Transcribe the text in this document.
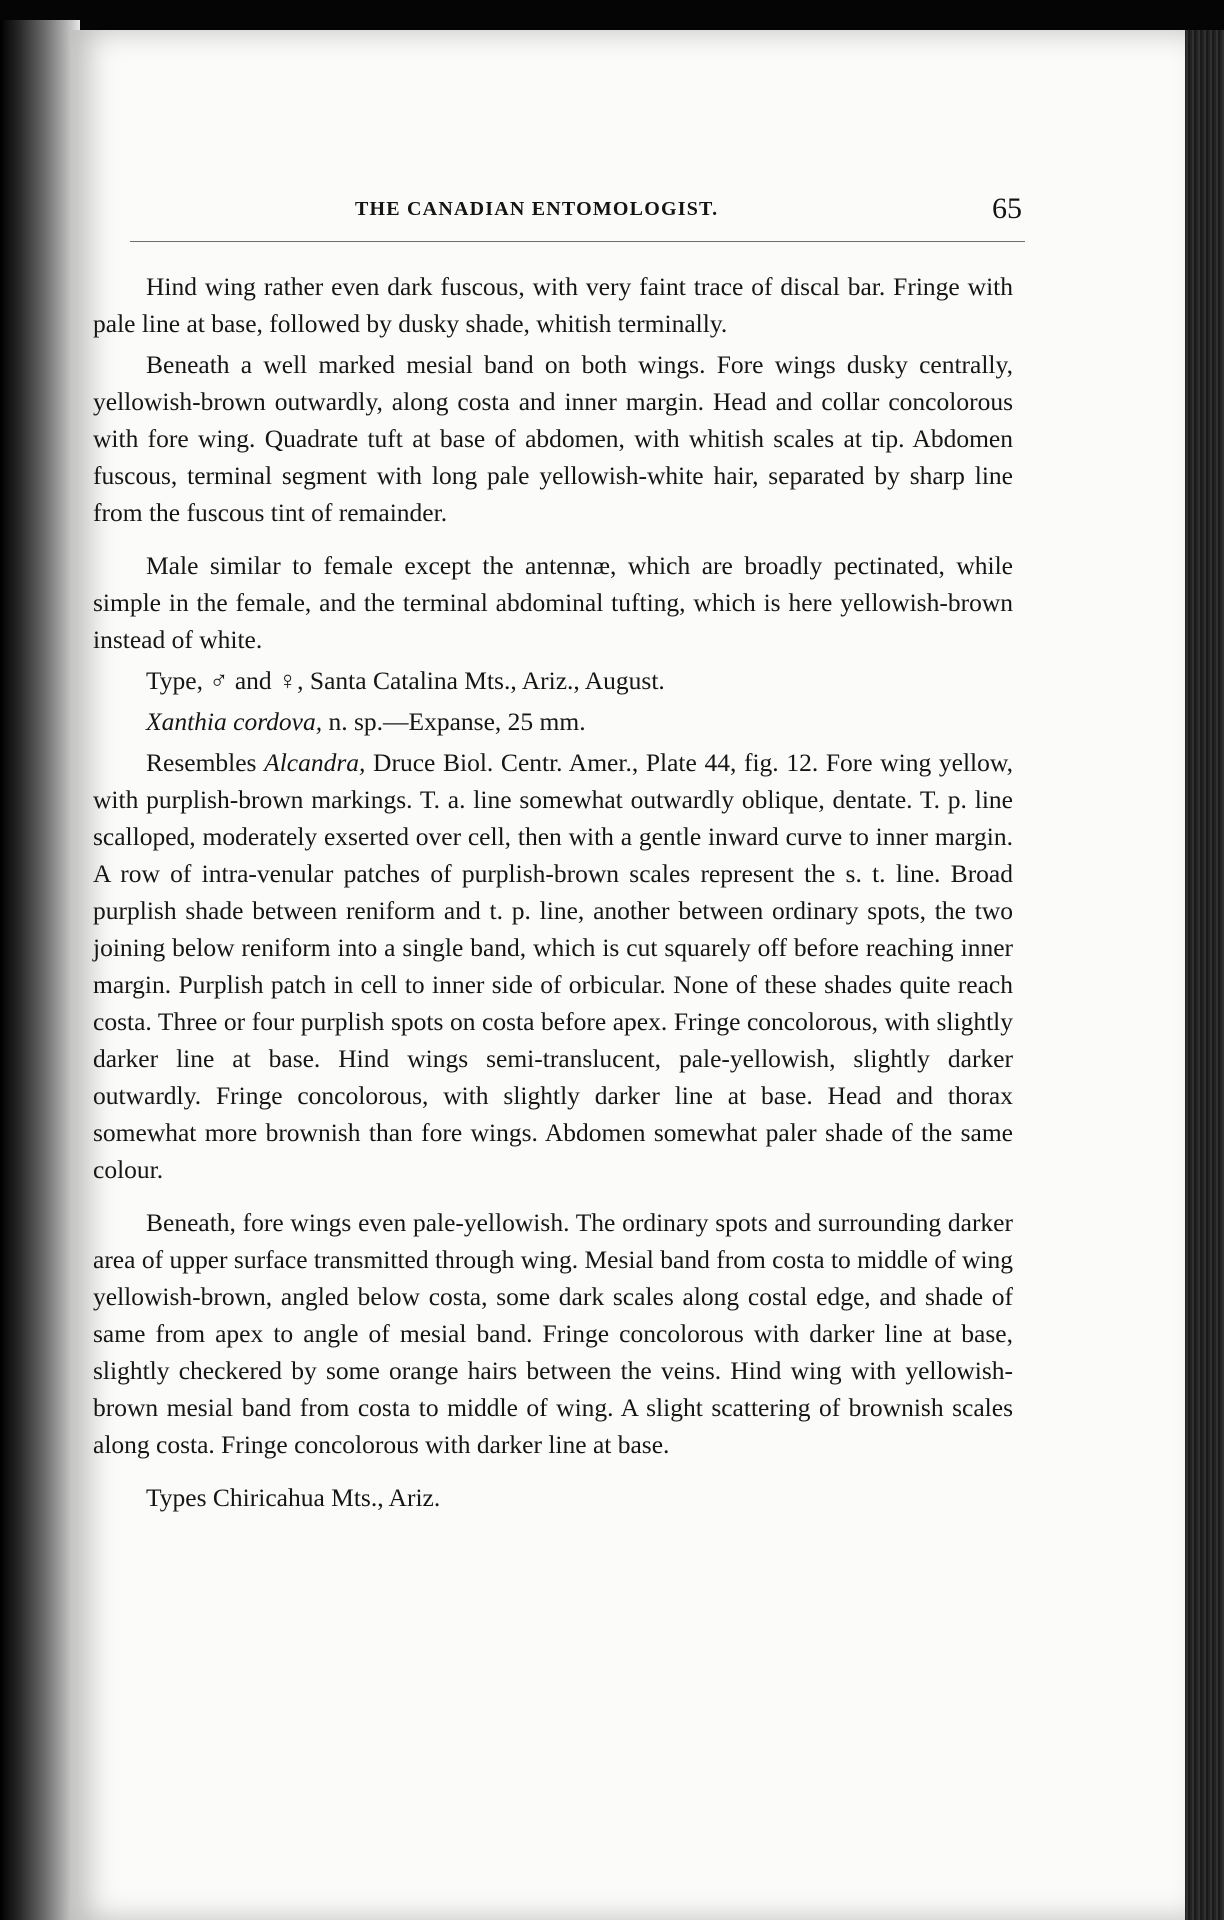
THE CANADIAN ENTOMOLOGIST.	65

Hind wing rather even dark fuscous, with very faint trace of discal bar. Fringe with pale line at base, followed by dusky shade, whitish terminally.

Beneath a well marked mesial band on both wings. Fore wings dusky centrally, yellowish-brown outwardly, along costa and inner margin. Head and collar concolorous with fore wing. Quadrate tuft at base of abdomen, with whitish scales at tip. Abdomen fuscous, terminal segment with long pale yellowish-white hair, separated by sharp line from the fuscous tint of remainder.

Male similar to female except the antennæ, which are broadly pectinated, while simple in the female, and the terminal abdominal tufting, which is here yellowish-brown instead of white.

Type, ♂ and ♀, Santa Catalina Mts., Ariz., August.

Xanthia cordova, n. sp.—Expanse, 25 mm.

Resembles Alcandra, Druce Biol. Centr. Amer., Plate 44, fig. 12. Fore wing yellow, with purplish-brown markings. T. a. line somewhat outwardly oblique, dentate. T. p. line scalloped, moderately exserted over cell, then with a gentle inward curve to inner margin. A row of intra-venular patches of purplish-brown scales represent the s. t. line. Broad purplish shade between reniform and t. p. line, another between ordinary spots, the two joining below reniform into a single band, which is cut squarely off before reaching inner margin. Purplish patch in cell to inner side of orbicular. None of these shades quite reach costa. Three or four purplish spots on costa before apex. Fringe concolorous, with slightly darker line at base. Hind wings semi-translucent, pale-yellowish, slightly darker outwardly. Fringe concolorous, with slightly darker line at base. Head and thorax somewhat more brownish than fore wings. Abdomen somewhat paler shade of the same colour.

Beneath, fore wings even pale-yellowish. The ordinary spots and surrounding darker area of upper surface transmitted through wing. Mesial band from costa to middle of wing yellowish-brown, angled below costa, some dark scales along costal edge, and shade of same from apex to angle of mesial band. Fringe concolorous with darker line at base, slightly checkered by some orange hairs between the veins. Hind wing with yellowish-brown mesial band from costa to middle of wing. A slight scattering of brownish scales along costa. Fringe concolorous with darker line at base.

Types Chiricahua Mts., Ariz.
